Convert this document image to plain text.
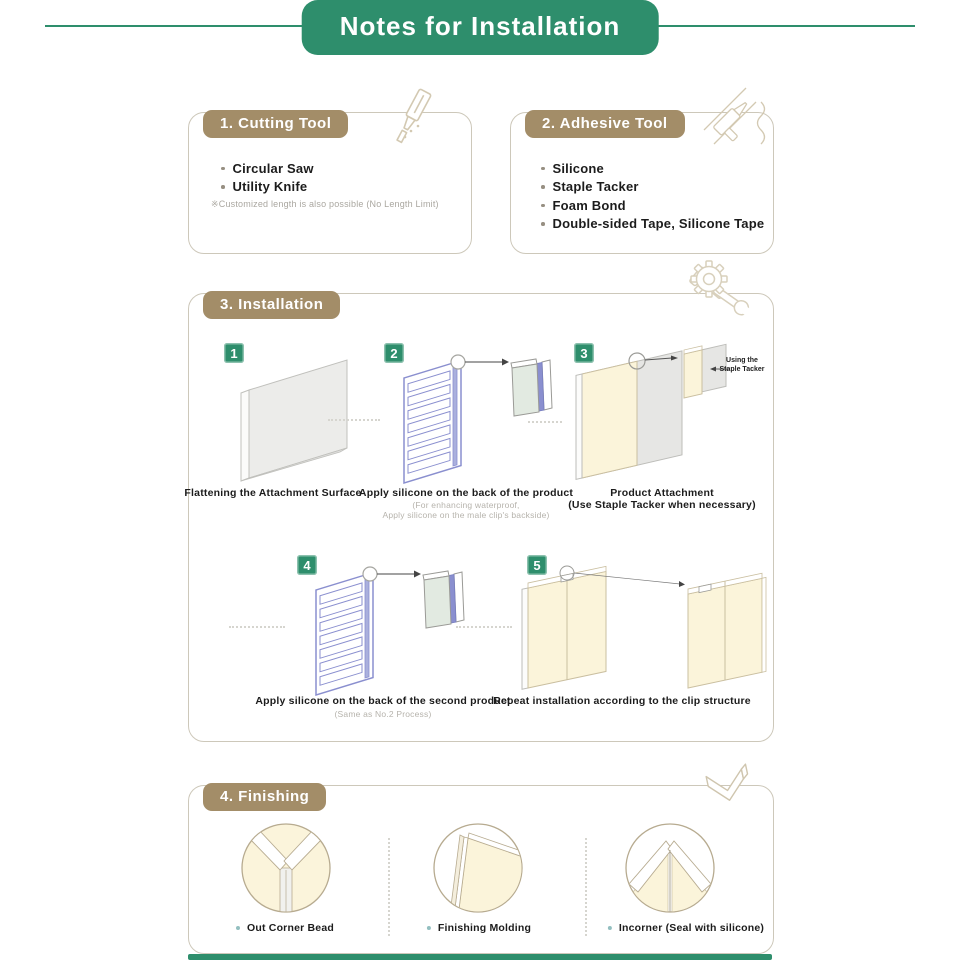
Notes for Installation
1. Cutting Tool
Circular Saw
Utility Knife
※Customized length is also possible (No Length Limit)
2. Adhesive Tool
Silicone
Staple Tacker
Foam Bond
Double-sided Tape, Silicone Tape
3. Installation
1	2	3
4	5
Flattening the Attachment Surface
Apply silicone on the back of the product
(For enhancing waterproof,
Apply silicone on the male clip's backside)
Product Attachment
(Use Staple Tacker when necessary)
Apply silicone on the back of the second product
(Same as No.2 Process)
Repeat installation according to the clip structure
Using the
Staple Tacker
4. Finishing
Out Corner Bead	Finishing Molding	Incorner (Seal with silicone)
